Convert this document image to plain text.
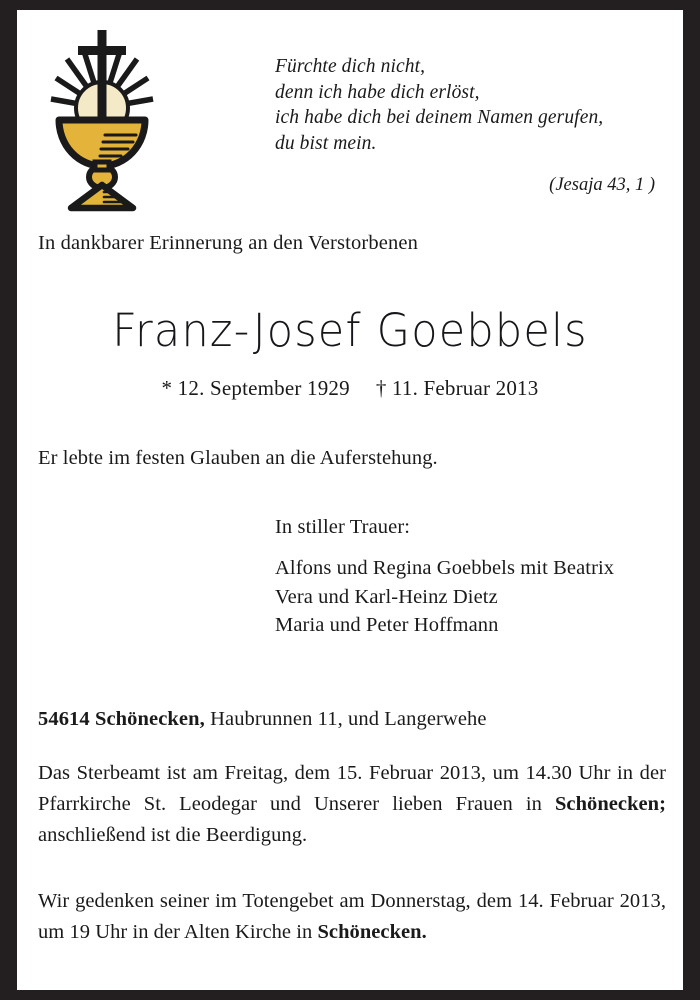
Fürchte dich nicht,
denn ich habe dich erlöst,
ich habe dich bei deinem Namen gerufen,
du bist mein.
(Jesaja 43, 1 )
In dankbarer Erinnerung an den Verstorbenen
Franz-Josef Goebbels
* 12. September 1929 † 11. Februar 2013
Er lebte im festen Glauben an die Auferstehung.
In stiller Trauer:
Alfons und Regina Goebbels mit Beatrix
Vera und Karl-Heinz Dietz
Maria und Peter Hoffmann
54614 Schönecken, Haubrunnen 11, und Langerwehe
Das Sterbeamt ist am Freitag, dem 15. Februar 2013, um 14.30 Uhr in der Pfarrkirche St. Leodegar und Unserer lieben Frauen in Schönecken; anschließend ist die Beerdigung.
Wir gedenken seiner im Totengebet am Donnerstag, dem 14. Februar 2013, um 19 Uhr in der Alten Kirche in Schönecken.
